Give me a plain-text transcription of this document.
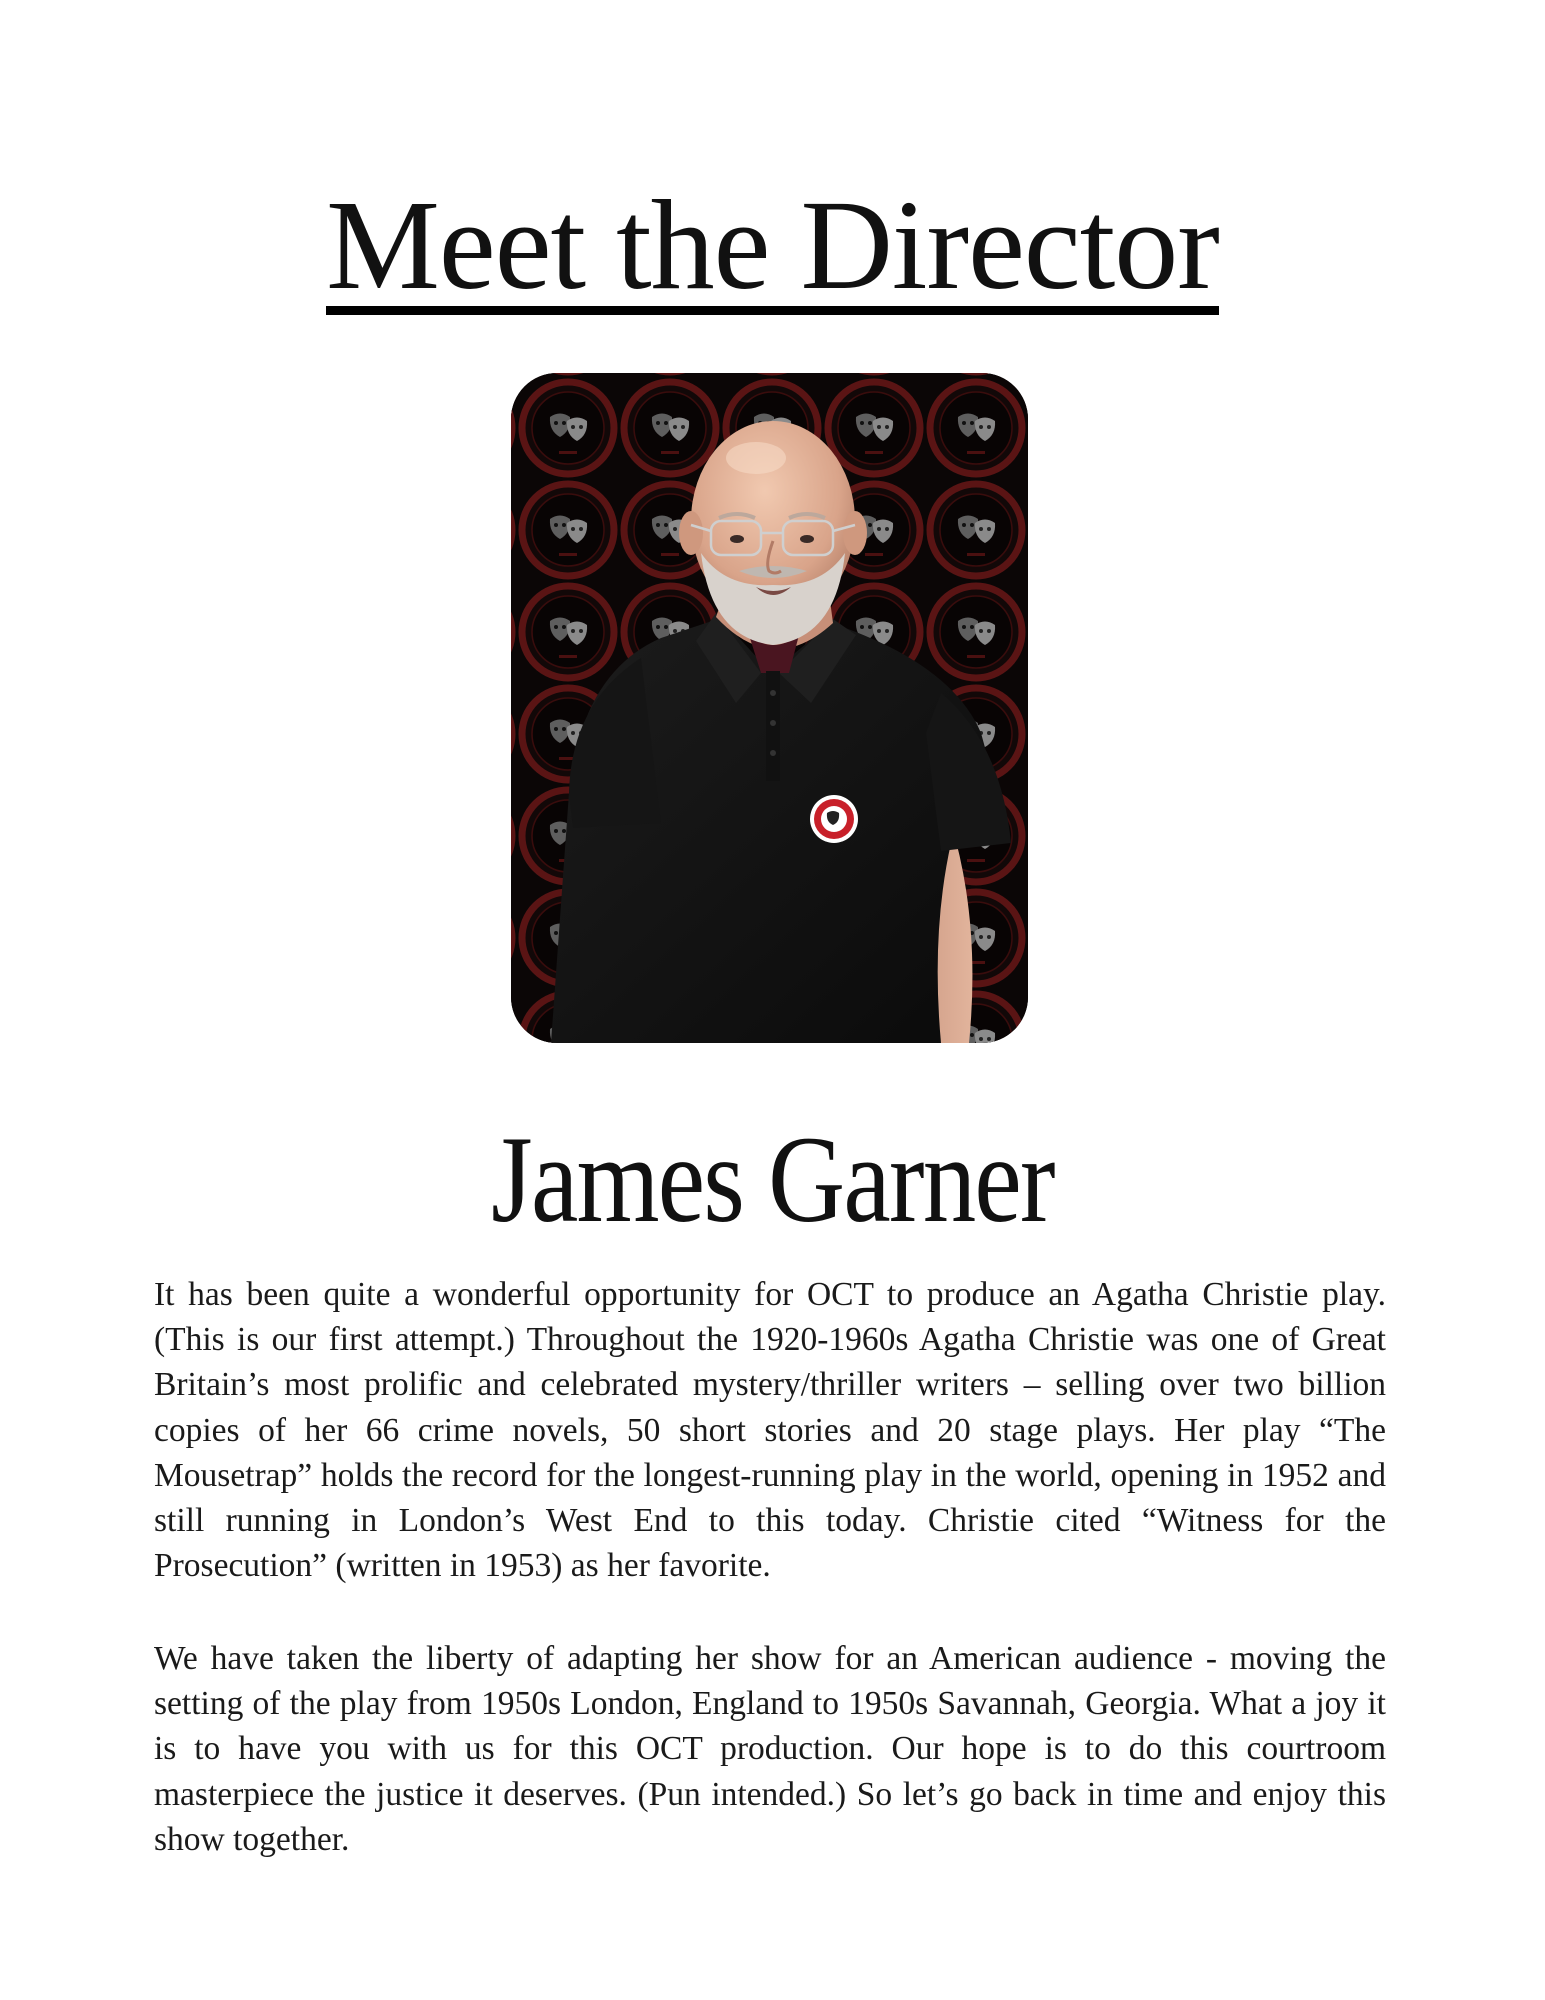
Meet the Director
James Garner

It has been quite a wonderful opportunity for OCT to produce an Agatha Christie play. (This is our first attempt.) Throughout the 1920-1960s Agatha Christie was one of Great Britain’s most prolific and celebrated mystery/thriller writers – selling over two billion copies of her 66 crime novels, 50 short stories and 20 stage plays. Her play “The Mousetrap” holds the record for the longest-running play in the world, opening in 1952 and still running in London’s West End to this today. Christie cited “Witness for the Prosecution” (written in 1953) as her favorite.

We have taken the liberty of adapting her show for an American audience - moving the setting of the play from 1950s London, England to 1950s Savannah, Georgia. What a joy it is to have you with us for this OCT production. Our hope is to do this courtroom masterpiece the justice it deserves. (Pun intended.) So let’s go back in time and enjoy this show together.
